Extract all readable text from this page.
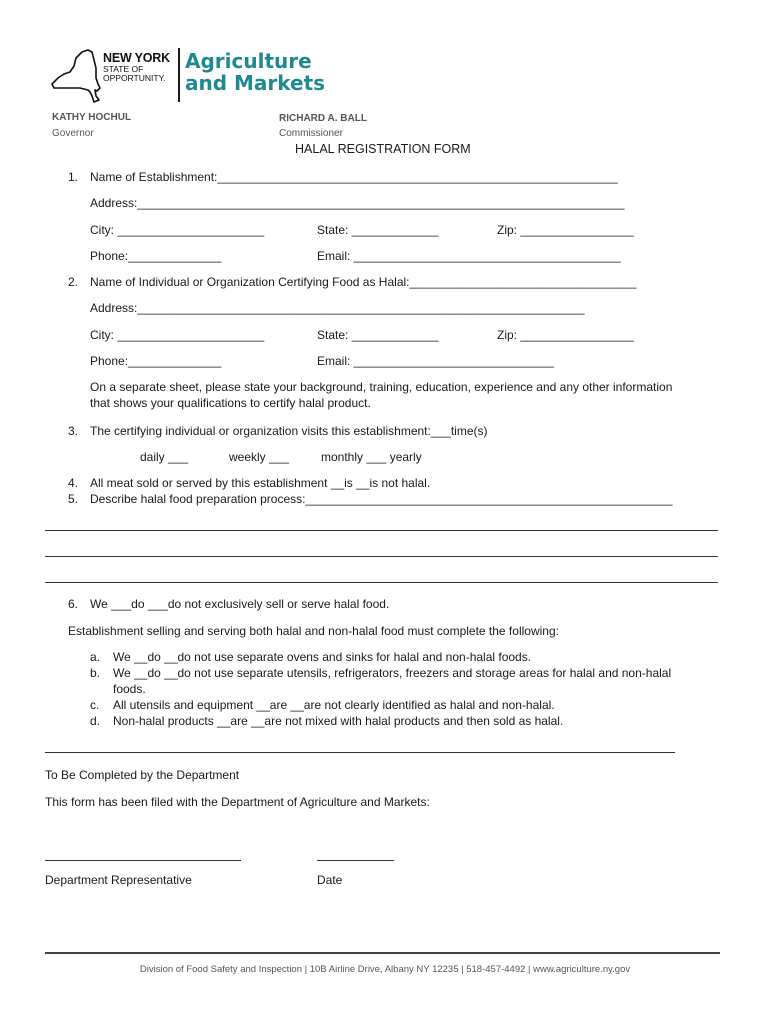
NEW YORK
STATE OF
OPPORTUNITY.
Agriculture
and Markets
KATHY HOCHUL
Governor
RICHARD A. BALL
Commissioner
HALAL REGISTRATION FORM
1. Name of Establishment:____________________________________________________________
Address:_________________________________________________________________________
City: ______________________	State: _____________	Zip: _________________
Phone:______________	Email: ________________________________________
2. Name of Individual or Organization Certifying Food as Halal:__________________________________
Address:___________________________________________________________________
City: ______________________	State: _____________	Zip: _________________
Phone:______________	Email: ______________________________
On a separate sheet, please state your background, training, education, experience and any other information
that shows your qualifications to certify halal product.
3. The certifying individual or organization visits this establishment:___time(s)
daily ___	weekly ___	monthly ___ yearly
4. All meat sold or served by this establishment __is __is not halal.
5. Describe halal food preparation process:_______________________________________________________
6. We ___do ___do not exclusively sell or serve halal food.
Establishment selling and serving both halal and non-halal food must complete the following:
a. We __do __do not use separate ovens and sinks for halal and non-halal foods.
b. We __do __do not use separate utensils, refrigerators, freezers and storage areas for halal and non-halal
foods.
c. All utensils and equipment __are __are not clearly identified as halal and non-halal.
d. Non-halal products __are __are not mixed with halal products and then sold as halal.
To Be Completed by the Department
This form has been filed with the Department of Agriculture and Markets:
Department Representative	Date
Division of Food Safety and Inspection | 10B Airline Drive, Albany NY 12235 | 518-457-4492 | www.agriculture.ny.gov
